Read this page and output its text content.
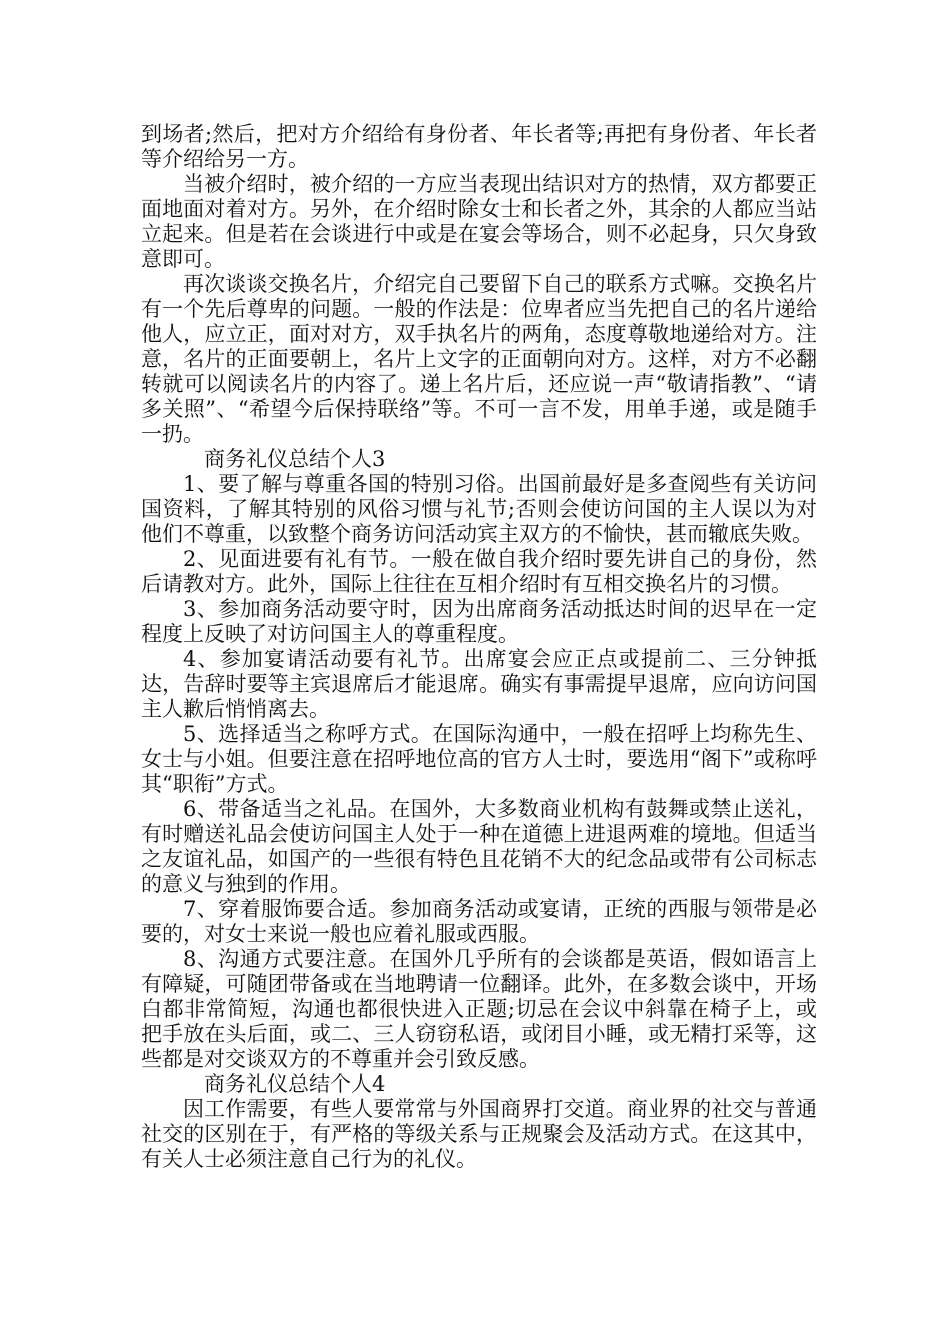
到场者;然后，把对方介绍给有身份者、年长者等;再把有身份者、年长者等介绍给另一方。

当被介绍时，被介绍的一方应当表现出结识对方的热情，双方都要正面地面对着对方。另外，在介绍时除女士和长者之外，其余的人都应当站立起来。但是若在会谈进行中或是在宴会等场合，则不必起身，只欠身致意即可。

再次谈谈交换名片，介绍完自己要留下自己的联系方式嘛。交换名片有一个先后尊卑的问题。一般的作法是：位卑者应当先把自己的名片递给他人，应立正，面对对方，双手执名片的两角，态度尊敬地递给对方。注意，名片的正面要朝上，名片上文字的正面朝向对方。这样，对方不必翻转就可以阅读名片的内容了。递上名片后，还应说一声“敬请指教”、“请多关照”、“希望今后保持联络”等。不可一言不发，用单手递，或是随手一扔。

商务礼仪总结个人3

1、要了解与尊重各国的特别习俗。出国前最好是多查阅些有关访问国资料，了解其特别的风俗习惯与礼节;否则会使访问国的主人误以为对他们不尊重，以致整个商务访问活动宾主双方的不愉快，甚而辙底失败。

2、见面进要有礼有节。一般在做自我介绍时要先讲自己的身份，然后请教对方。此外，国际上往往在互相介绍时有互相交换名片的习惯。

3、参加商务活动要守时，因为出席商务活动抵达时间的迟早在一定程度上反映了对访问国主人的尊重程度。

4、参加宴请活动要有礼节。出席宴会应正点或提前二、三分钟抵达，告辞时要等主宾退席后才能退席。确实有事需提早退席，应向访问国主人歉后悄悄离去。

5、选择适当之称呼方式。在国际沟通中，一般在招呼上均称先生、女士与小姐。但要注意在招呼地位高的官方人士时，要选用“阁下”或称呼其“职衔”方式。

6、带备适当之礼品。在国外，大多数商业机构有鼓舞或禁止送礼，有时赠送礼品会使访问国主人处于一种在道德上进退两难的境地。但适当之友谊礼品，如国产的一些很有特色且花销不大的纪念品或带有公司标志的意义与独到的作用。

7、穿着服饰要合适。参加商务活动或宴请，正统的西服与领带是必要的，对女士来说一般也应着礼服或西服。

8、沟通方式要注意。在国外几乎所有的会谈都是英语，假如语言上有障疑，可随团带备或在当地聘请一位翻译。此外，在多数会谈中，开场白都非常简短，沟通也都很快进入正题;切忌在会议中斜靠在椅子上，或把手放在头后面，或二、三人窃窃私语，或闭目小睡，或无精打采等，这些都是对交谈双方的不尊重并会引致反感。

商务礼仪总结个人4

因工作需要，有些人要常常与外国商界打交道。商业界的社交与普通社交的区别在于，有严格的等级关系与正规聚会及活动方式。在这其中，有关人士必须注意自己行为的礼仪。
